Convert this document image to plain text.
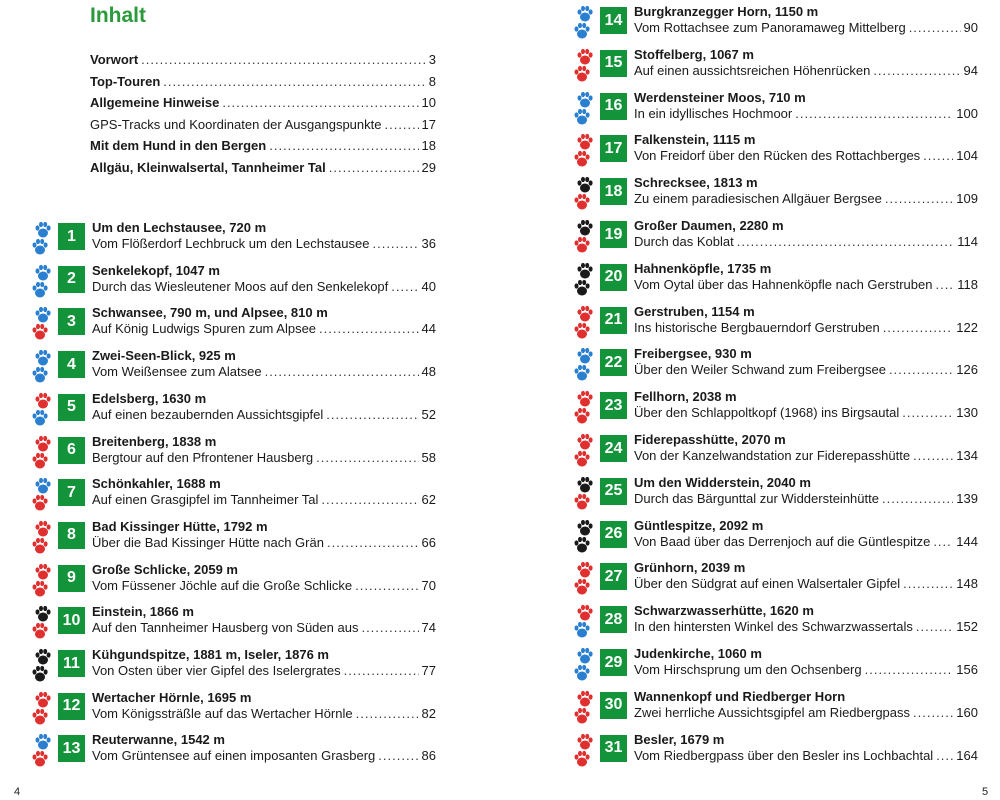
Inhalt
Vorwort .....	3
Top-Touren .....	8
Allgemeine Hinweise .....	10
GPS-Tracks und Koordinaten der Ausgangspunkte .....	17
Mit dem Hund in den Bergen .....	18
Allgäu, Kleinwalsertal, Tannheimer Tal .....	29
1	Um den Lechstausee, 720 m
Vom Flößerdorf Lechbruck um den Lechstausee .....	36
2	Senkelekopf, 1047 m
Durch das Wiesleutener Moos auf den Senkelekopf .....	40
3	Schwansee, 790 m, und Alpsee, 810 m
Auf König Ludwigs Spuren zum Alpsee .....	44
4	Zwei-Seen-Blick, 925 m
Vom Weißensee zum Alatsee .....	48
5	Edelsberg, 1630 m
Auf einen bezaubernden Aussichtsgipfel .....	52
6	Breitenberg, 1838 m
Bergtour auf den Pfrontener Hausberg .....	58
7	Schönkahler, 1688 m
Auf einen Grasgipfel im Tannheimer Tal .....	62
8	Bad Kissinger Hütte, 1792 m
Über die Bad Kissinger Hütte nach Grän .....	66
9	Große Schlicke, 2059 m
Vom Füssener Jöchle auf die Große Schlicke .....	70
10 Einstein, 1866 m
Auf den Tannheimer Hausberg von Süden aus .....	74
11 Kühgundspitze, 1881 m, Iseler, 1876 m
Von Osten über vier Gipfel des Iselergrates .....	77
12 Wertacher Hörnle, 1695 m
Vom Königssträßle auf das Wertacher Hörnle .....	82
13 Reuterwanne, 1542 m
Vom Grüntensee auf einen imposanten Grasberg .....	86
4
14 Burgkranzegger Horn, 1150 m
Vom Rottachsee zum Panoramaweg Mittelberg .....	90
15 Stoffelberg, 1067 m
Auf einen aussichtsreichen Höhenrücken .....	94
16 Werdensteiner Moos, 710 m
In ein idyllisches Hochmoor .....	100
17 Falkenstein, 1115 m
Von Freidorf über den Rücken des Rottachberges .....	104
18 Schrecksee, 1813 m
Zu einem paradiesischen Allgäuer Bergsee .....	109
19 Großer Daumen, 2280 m
Durch das Koblat .....	114
20 Hahnenköpfle, 1735 m
Vom Oytal über das Hahnenköpfle nach Gerstruben ..... 118
21 Gerstruben, 1154 m
Ins historische Bergbauerndorf Gerstruben .....	122
22 Freibergsee, 930 m
Über den Weiler Schwand zum Freibergsee .....	126
23 Fellhorn, 2038 m
Über den Schlappoltkopf (1968) ins Birgsautal .....	130
24 Fiderepasshütte, 2070 m
Von der Kanzelwandstation zur Fiderepasshütte .....	134
25 Um den Widderstein, 2040 m
Durch das Bärgunttal zur Widdersteinhütte .....	139
26 Güntlespitze, 2092 m
Von Baad über das Derrenjoch auf die Güntlespitze ..... 144
27 Grünhorn, 2039 m
Über den Südgrat auf einen Walsertaler Gipfel .....	148
28 Schwarzwasserhütte, 1620 m
In den hintersten Winkel des Schwarzwassertals .....	152
29 Judenkirche, 1060 m
Vom Hirschsprung um den Ochsenberg .....	156
30 Wannenkopf und Riedberger Horn
Zwei herrliche Aussichtsgipfel am Riedbergpass .....	160
31 Besler, 1679 m
Vom Riedbergpass über den Besler ins Lochbachtal ..... 164
5
